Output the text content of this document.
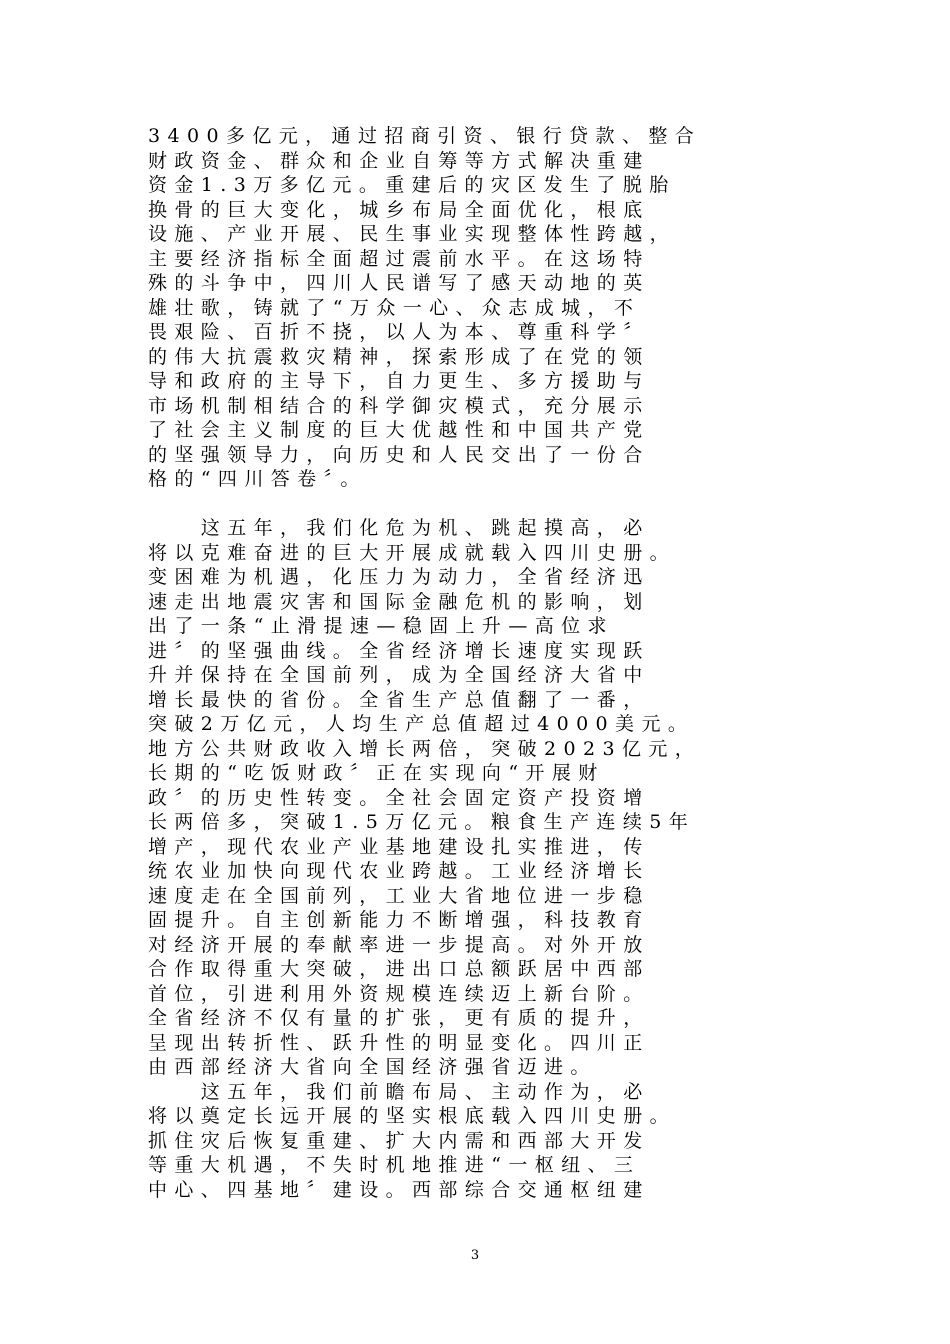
3400多亿元，通过招商引资、银行贷款、整合
财政资金、群众和企业自筹等方式解决重建
资金1.3万多亿元。重建后的灾区发生了脱胎
换骨的巨大变化，城乡布局全面优化，根底
设施、产业开展、民生事业实现整体性跨越，
主要经济指标全面超过震前水平。在这场特
殊的斗争中，四川人民谱写了感天动地的英
雄壮歌，铸就了“万众一心、众志成城，不
畏艰险、百折不挠，以人为本、尊重科学〞
的伟大抗震救灾精神，探索形成了在党的领
导和政府的主导下，自力更生、多方援助与
市场机制相结合的科学御灾模式，充分展示
了社会主义制度的巨大优越性和中国共产党
的坚强领导力，向历史和人民交出了一份合
格的“四川答卷〞。
　　这五年，我们化危为机、跳起摸高，必
将以克难奋进的巨大开展成就载入四川史册。
变困难为机遇，化压力为动力，全省经济迅
速走出地震灾害和国际金融危机的影响，划
出了一条“止滑提速—稳固上升—高位求
进〞的坚强曲线。全省经济增长速度实现跃
升并保持在全国前列，成为全国经济大省中
增长最快的省份。全省生产总值翻了一番，
突破2万亿元，人均生产总值超过4000美元。
地方公共财政收入增长两倍，突破2023亿元，
长期的“吃饭财政〞正在实现向“开展财
政〞的历史性转变。全社会固定资产投资增
长两倍多，突破1.5万亿元。粮食生产连续5年
增产，现代农业产业基地建设扎实推进，传
统农业加快向现代农业跨越。工业经济增长
速度走在全国前列，工业大省地位进一步稳
固提升。自主创新能力不断增强，科技教育
对经济开展的奉献率进一步提高。对外开放
合作取得重大突破，进出口总额跃居中西部
首位，引进利用外资规模连续迈上新台阶。
全省经济不仅有量的扩张，更有质的提升，
呈现出转折性、跃升性的明显变化。四川正
由西部经济大省向全国经济强省迈进。
　　这五年，我们前瞻布局、主动作为，必
将以奠定长远开展的坚实根底载入四川史册。
抓住灾后恢复重建、扩大内需和西部大开发
等重大机遇，不失时机地推进“一枢纽、三
中心、四基地〞建设。西部综合交通枢纽建
3
